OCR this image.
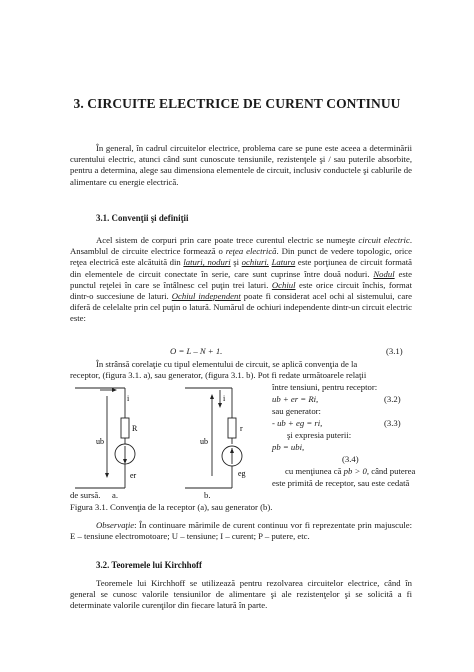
3. CIRCUITE ELECTRICE DE CURENT CONTINUU
În general, în cadrul circuitelor electrice, problema care se pune este aceea a determinării curentului electric, atunci când sunt cunoscute tensiunile, rezistenţele şi / sau puterile absorbite, pentru a determina, alege sau dimensiona elementele de circuit, inclusiv conductele şi cablurile de alimentare cu energie electrică.
3.1. Convenţii şi definiţii
Acel sistem de corpuri prin care poate trece curentul electric se numeşte circuit electric. Ansamblul de circuite electrice formează o reţea electrică. Din punct de vedere topologic, orice reţea electrică este alcătuită din laturi, noduri şi ochiuri. Latura este porţiunea de circuit formată din elementele de circuit conectate în serie, care sunt cuprinse între două noduri. Nodul este punctul reţelei în care se întâlnesc cel puţin trei laturi. Ochiul este orice circuit închis, format dintr-o succesiune de laturi. Ochiul independent poate fi considerat acel ochi al sistemului, care diferă de celelalte prin cel puţin o latură. Numărul de ochiuri independente dintr-un circuit electric este:
O = L – N + 1.	(3.1)
În strânsă corelaţie cu tipul elementului de circuit, se aplică convenţia de la
receptor, (figura 3.1. a), sau generator, (figura 3.1. b). Pot fi redate următoarele relaţii
între tensiuni, pentru receptor:
ub + er = Ri,	(3.2)
sau generator:
- ub + eg = ri,	(3.3)
şi expresia puterii:
pb = ubi,
(3.4)
cu menţiunea că pb > 0, când puterea
este primită de receptor, sau este cedată
de sursă.
i
ub
R
er
i
ub
r
eg
a.	b.
Figura 3.1. Convenţia de la receptor (a), sau generator (b).
Observaţie: În continuare mărimile de curent continuu vor fi reprezentate prin majuscule: E – tensiune electromotoare; U – tensiune; I – curent; P – putere, etc.
3.2. Teoremele lui Kirchhoff
Teoremele lui Kirchhoff se utilizează pentru rezolvarea circuitelor electrice, când în general se cunosc valorile tensiunilor de alimentare şi ale rezistenţelor şi se solicită a fi determinate valorile curenţilor din fiecare latură în parte.
